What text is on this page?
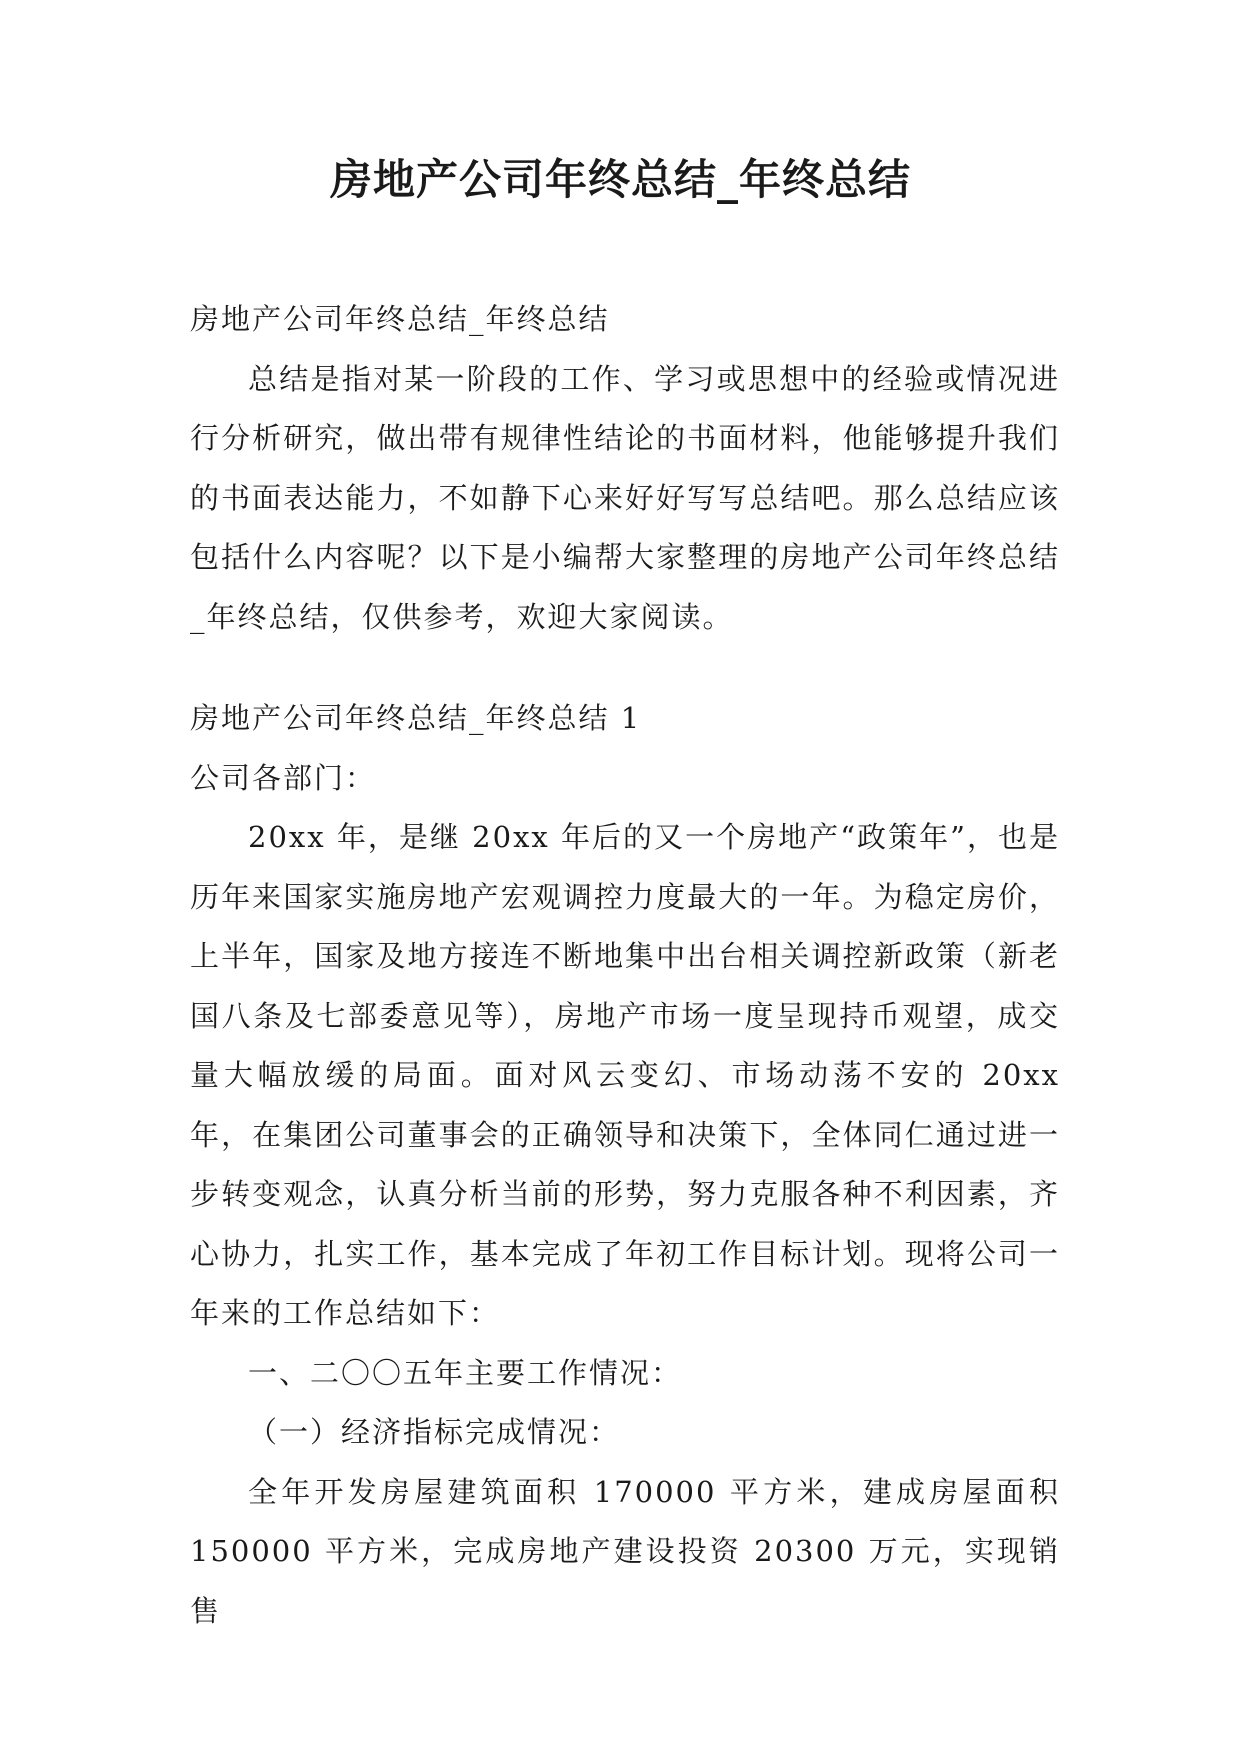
房地产公司年终总结_年终总结

房地产公司年终总结_年终总结

总结是指对某一阶段的工作、学习或思想中的经验或情况进行分析研究，做出带有规律性结论的书面材料，他能够提升我们的书面表达能力，不如静下心来好好写写总结吧。那么总结应该包括什么内容呢？以下是小编帮大家整理的房地产公司年终总结_年终总结，仅供参考，欢迎大家阅读。

房地产公司年终总结_年终总结 1

公司各部门：

20xx 年，是继 20xx 年后的又一个房地产“政策年”，也是历年来国家实施房地产宏观调控力度最大的一年。为稳定房价，上半年，国家及地方接连不断地集中出台相关调控新政策（新老国八条及七部委意见等），房地产市场一度呈现持币观望，成交量大幅放缓的局面。面对风云变幻、市场动荡不安的 20xx 年，在集团公司董事会的正确领导和决策下，全体同仁通过进一步转变观念，认真分析当前的形势，努力克服各种不利因素，齐心协力，扎实工作，基本完成了年初工作目标计划。现将公司一年来的工作总结如下：

一、二〇〇五年主要工作情况：

（一）经济指标完成情况：

全年开发房屋建筑面积 170000 平方米，建成房屋面积 150000 平方米，完成房地产建设投资 20300 万元，实现销售
